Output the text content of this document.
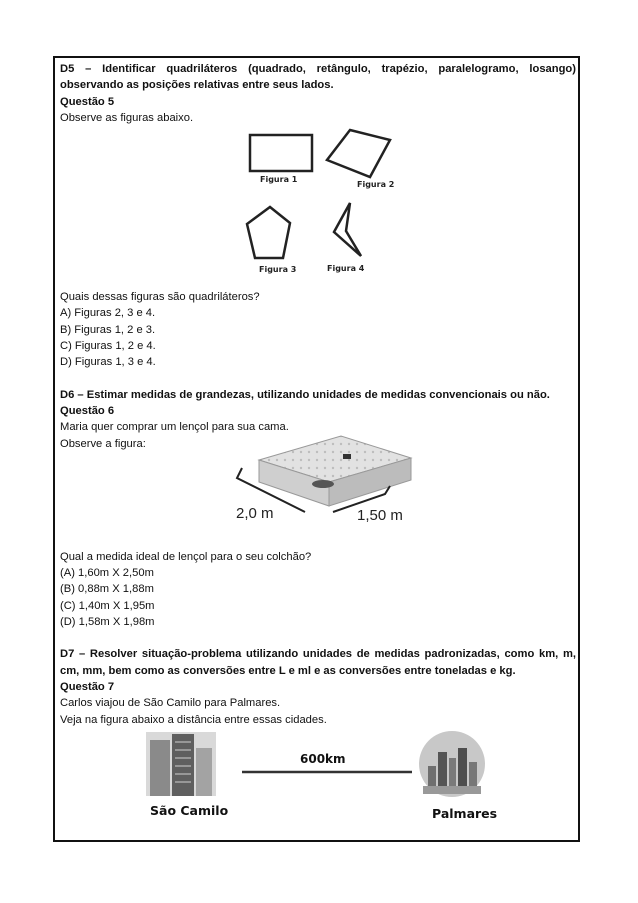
D5 – Identificar quadriláteros (quadrado, retângulo, trapézio, paralelogramo, losango) observando as posições relativas entre seus lados.

Questão 5

Observe as figuras abaixo.

Quais dessas figuras são quadriláteros?

A) Figuras 2, 3 e 4.

B) Figuras 1, 2 e 3.

C) Figuras 1, 2 e 4.

D) Figuras 1, 3 e 4.

D6 – Estimar medidas de grandezas, utilizando unidades de medidas convencionais ou não.

Questão 6

Maria quer comprar um lençol para sua cama.

Observe a figura:

Qual a medida ideal de lençol para o seu colchão?

(A) 1,60m X 2,50m

(B) 0,88m X 1,88m

(C) 1,40m X 1,95m

(D) 1,58m X 1,98m

D7 – Resolver situação-problema utilizando unidades de medidas padronizadas, como km, m, cm, mm, bem como as conversões entre L e ml e as conversões entre toneladas e kg.

Questão 7

Carlos viajou de São Camilo para Palmares.

Veja na figura abaixo a distância entre essas cidades.

Figura 1
Figura 2
Figura 3	Figura 4
2,0 m	1,50 m
600km
São Camilo	Palmares
